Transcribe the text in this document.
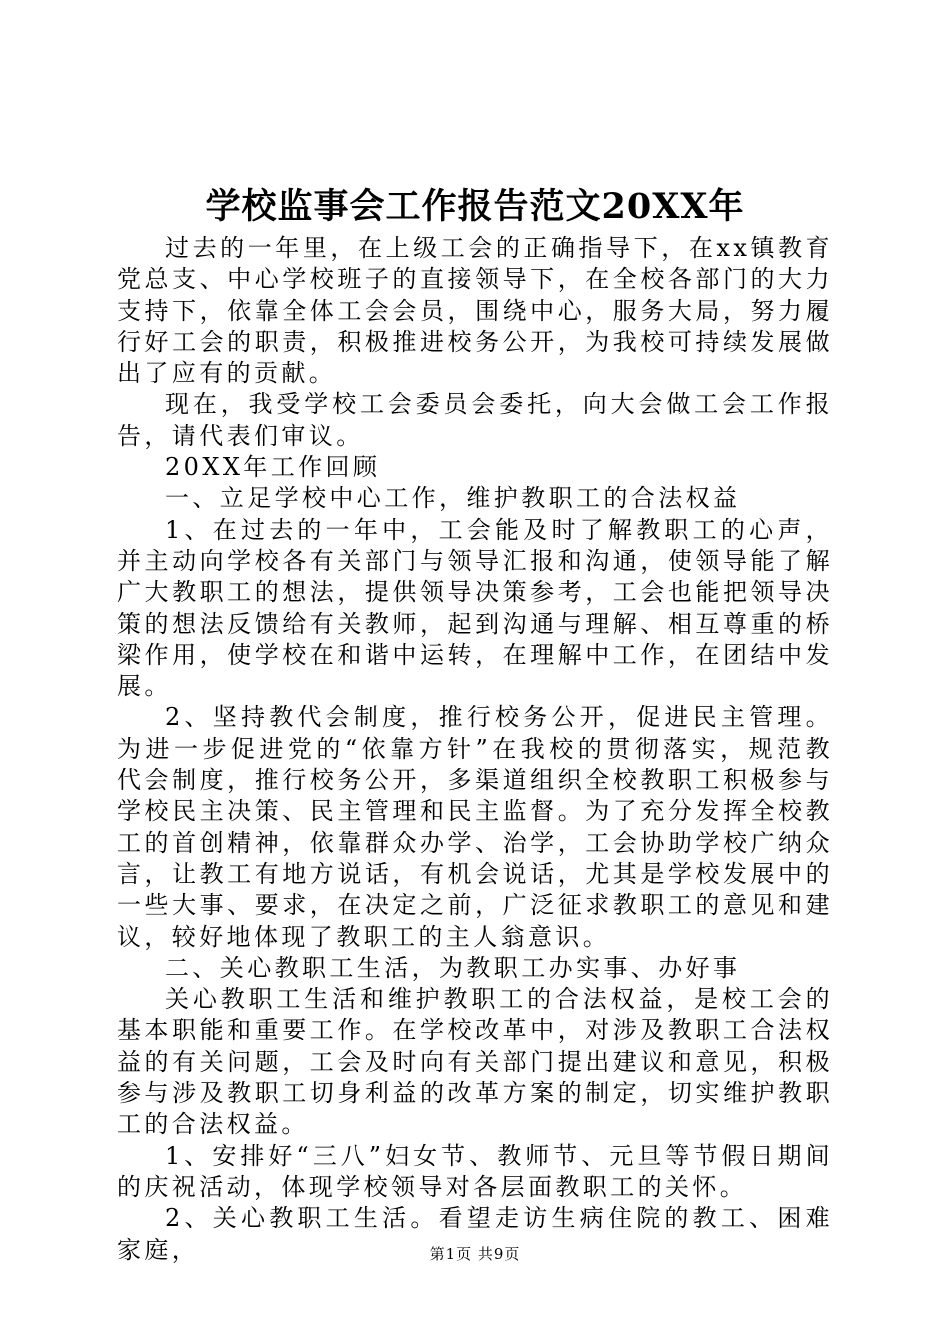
学校监事会工作报告范文20XX年

过去的一年里，在上级工会的正确指导下，在xx镇教育党总支、中心学校班子的直接领导下，在全校各部门的大力支持下，依靠全体工会会员，围绕中心，服务大局，努力履行好工会的职责，积极推进校务公开，为我校可持续发展做出了应有的贡献。

现在，我受学校工会委员会委托，向大会做工会工作报告，请代表们审议。

20XX年工作回顾

一、立足学校中心工作，维护教职工的合法权益

1、在过去的一年中，工会能及时了解教职工的心声，并主动向学校各有关部门与领导汇报和沟通，使领导能了解广大教职工的想法，提供领导决策参考，工会也能把领导决策的想法反馈给有关教师，起到沟通与理解、相互尊重的桥梁作用，使学校在和谐中运转，在理解中工作，在团结中发展。

2、坚持教代会制度，推行校务公开，促进民主管理。为进一步促进党的“依靠方针”在我校的贯彻落实，规范教代会制度，推行校务公开，多渠道组织全校教职工积极参与学校民主决策、民主管理和民主监督。为了充分发挥全校教工的首创精神，依靠群众办学、治学，工会协助学校广纳众言，让教工有地方说话，有机会说话，尤其是学校发展中的一些大事、要求，在决定之前，广泛征求教职工的意见和建议，较好地体现了教职工的主人翁意识。

二、关心教职工生活，为教职工办实事、办好事

关心教职工生活和维护教职工的合法权益，是校工会的基本职能和重要工作。在学校改革中，对涉及教职工合法权益的有关问题，工会及时向有关部门提出建议和意见，积极参与涉及教职工切身利益的改革方案的制定，切实维护教职工的合法权益。

1、安排好“三八”妇女节、教师节、元旦等节假日期间的庆祝活动，体现学校领导对各层面教职工的关怀。

2、关心教职工生活。看望走访生病住院的教工、困难家庭，	第1页 共9页
